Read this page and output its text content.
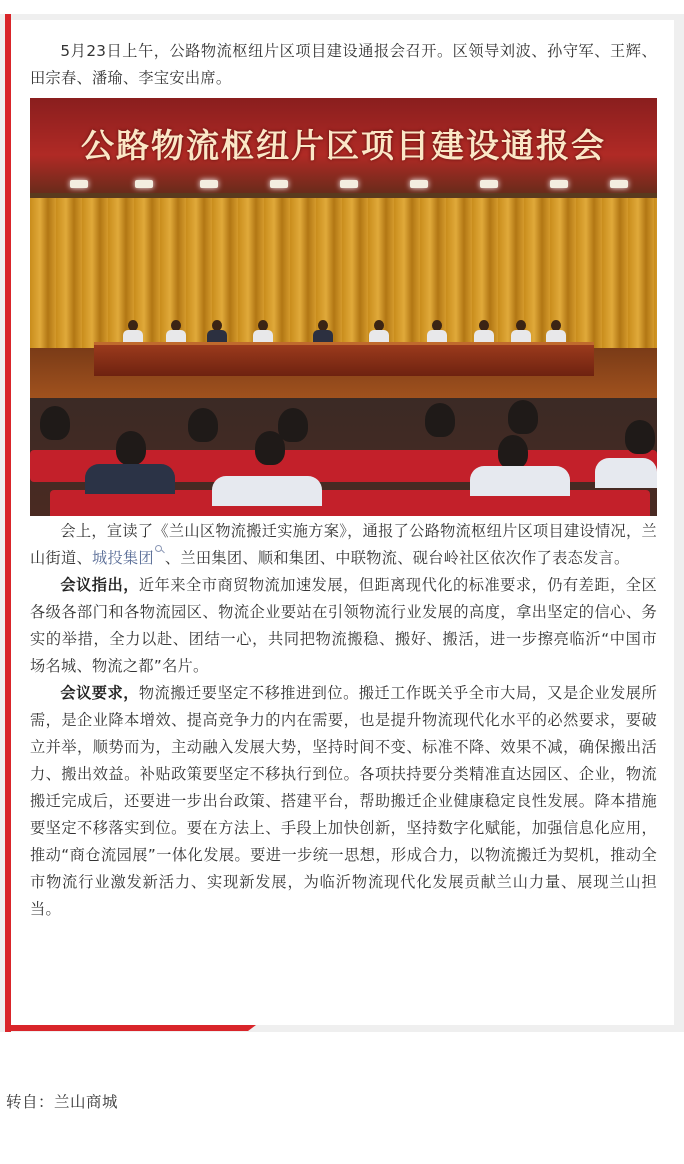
5月23日上午，公路物流枢纽片区项目建设通报会召开。区领导刘波、孙守军、王辉、田宗春、潘瑜、李宝安出席。

公路物流枢纽片区项目建设通报会

会上，宣读了《兰山区物流搬迁实施方案》，通报了公路物流枢纽片区项目建设情况，兰山街道、城投集团 、兰田集团、顺和集团、中联物流、砚台岭社区依次作了表态发言。

会议指出，近年来全市商贸物流加速发展，但距离现代化的标准要求，仍有差距，全区各级各部门和各物流园区、物流企业要站在引领物流行业发展的高度，拿出坚定的信心、务实的举措，全力以赴、团结一心，共同把物流搬稳、搬好、搬活，进一步擦亮临沂“中国市场名城、物流之都”名片。

会议要求，物流搬迁要坚定不移推进到位。搬迁工作既关乎全市大局，又是企业发展所需，是企业降本增效、提高竞争力的内在需要，也是提升物流现代化水平的必然要求，要破立并举，顺势而为，主动融入发展大势，坚持时间不变、标准不降、效果不减，确保搬出活力、搬出效益。补贴政策要坚定不移执行到位。各项扶持要分类精准直达园区、企业，物流搬迁完成后，还要进一步出台政策、搭建平台，帮助搬迁企业健康稳定良性发展。降本措施要坚定不移落实到位。要在方法上、手段上加快创新，坚持数字化赋能，加强信息化应用，推动“商仓流园展”一体化发展。要进一步统一思想，形成合力，以物流搬迁为契机，推动全市物流行业激发新活力、实现新发展，为临沂物流现代化发展贡献兰山力量、展现兰山担当。

转自：兰山商城
